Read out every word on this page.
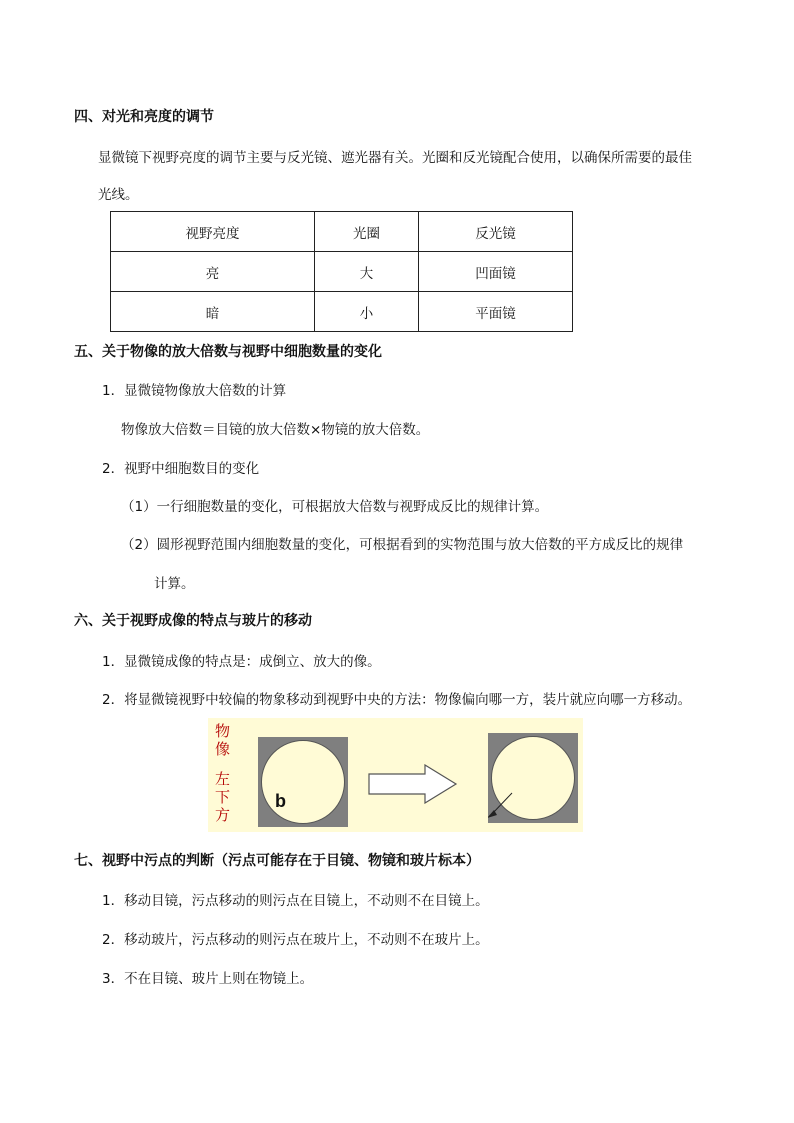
四、对光和亮度的调节
显微镜下视野亮度的调节主要与反光镜、遮光器有关。光圈和反光镜配合使用，以确保所需要的最佳
光线。
视野亮度	光圈	反光镜
亮	大	凹面镜
暗	小	平面镜
五、关于物像的放大倍数与视野中细胞数量的变化
1．显微镜物像放大倍数的计算
物像放大倍数＝目镜的放大倍数×物镜的放大倍数。
2．视野中细胞数目的变化
（1）一行细胞数量的变化，可根据放大倍数与视野成反比的规律计算。
（2）圆形视野范围内细胞数量的变化，可根据看到的实物范围与放大倍数的平方成反比的规律
计算。
六、关于视野成像的特点与玻片的移动
1．显微镜成像的特点是：成倒立、放大的像。
2．将显微镜视野中较偏的物象移动到视野中央的方法：物像偏向哪一方，装片就应向哪一方移动。
物
像
左
下
方
b
七、视野中污点的判断（污点可能存在于目镜、物镜和玻片标本）
1．移动目镜，污点移动的则污点在目镜上，不动则不在目镜上。
2．移动玻片，污点移动的则污点在玻片上，不动则不在玻片上。
3．不在目镜、玻片上则在物镜上。
